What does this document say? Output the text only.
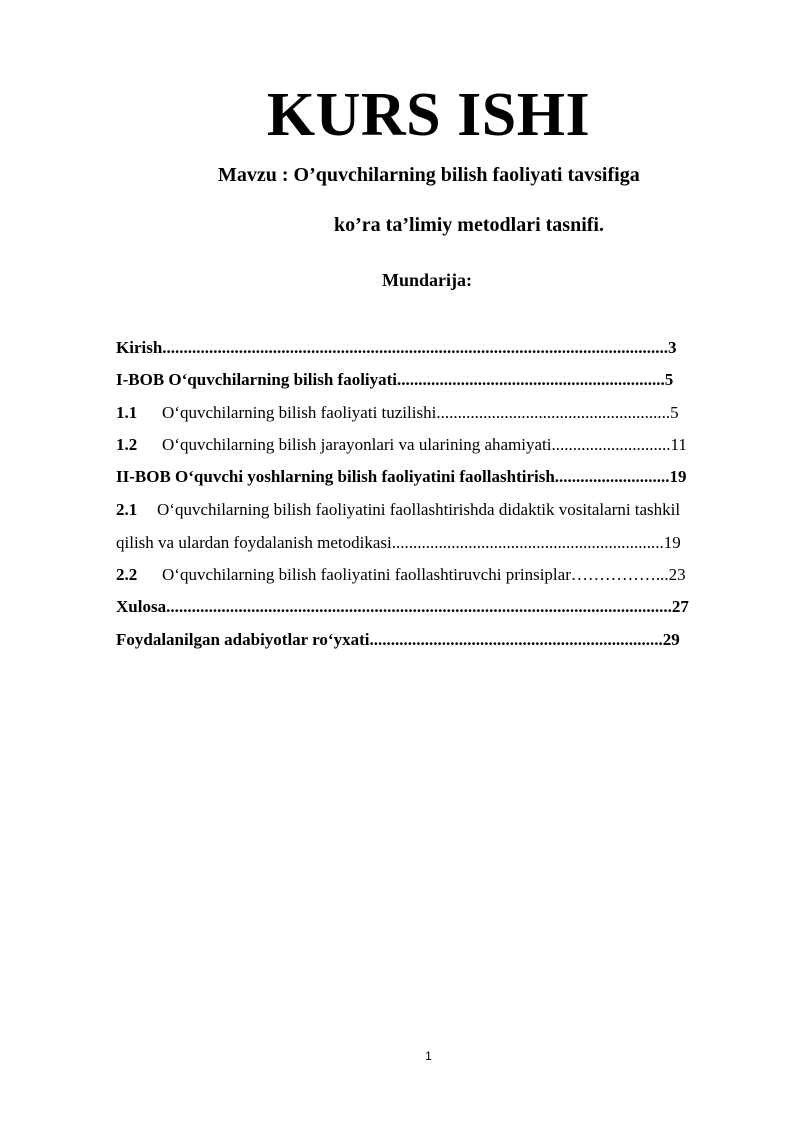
KURS ISHI
Mavzu : O’quvchilarning bilish faoliyati tavsifiga
ko’ra ta’limiy metodlari tasnifi.
Mundarija:
Kirish.......................................................................................................................3
I-BOB O‘quvchilarning bilish faoliyati...............................................................5
1.1 O‘quvchilarning bilish faoliyati tuzilishi.......................................................5
1.2 O‘quvchilarning bilish jarayonlari va ularining ahamiyati............................11
II-BOB O‘quvchi yoshlarning bilish faoliyatini faollashtirish...........................19
2.1 O‘quvchilarning bilish faoliyatini faollashtirishda didaktik vositalarni tashkil
qilish va ulardan foydalanish metodikasi................................................................19
2.2 O‘quvchilarning bilish faoliyatini faollashtiruvchi prinsiplar……………...23
Xulosa.......................................................................................................................27
Foydalanilgan adabiyotlar ro‘yxati.....................................................................29
1
